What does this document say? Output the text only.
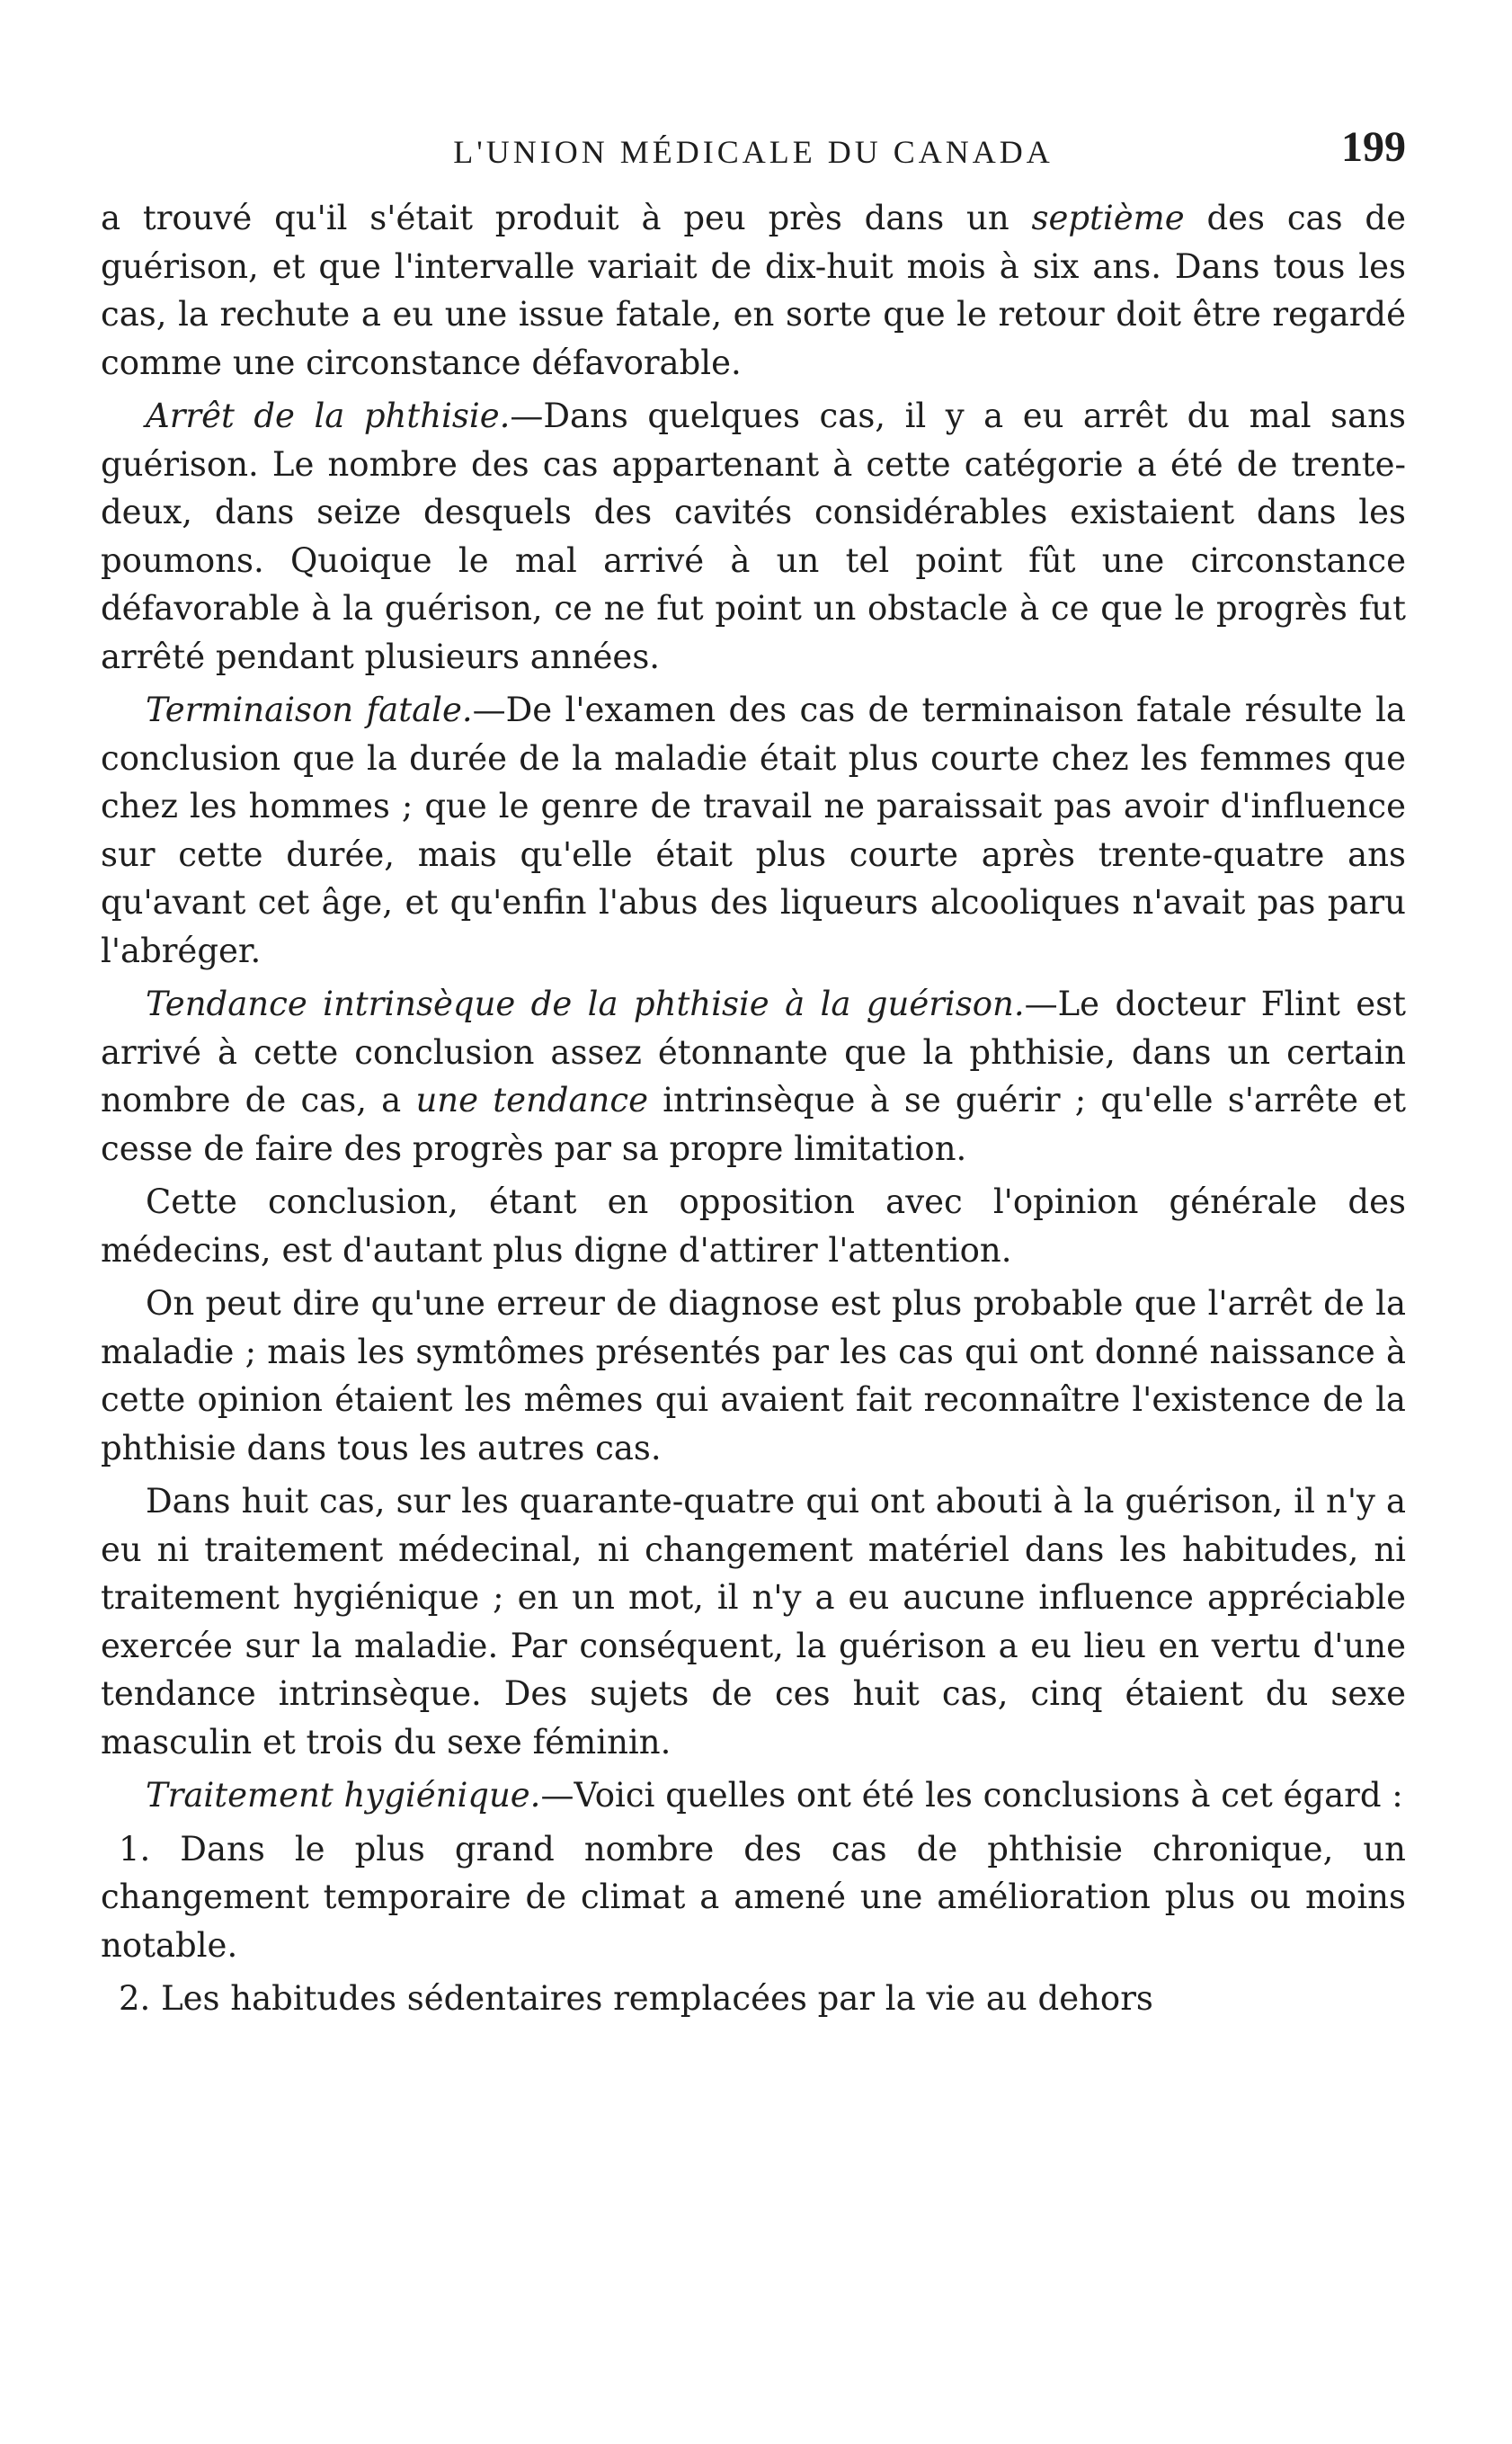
L'UNION MÉDICALE DU CANADA	199

a trouvé qu'il s'était produit à peu près dans un septième des cas de guérison, et que l'intervalle variait de dix-huit mois à six ans. Dans tous les cas, la rechute a eu une issue fatale, en sorte que le retour doit être regardé comme une circonstance défavorable.

Arrêt de la phthisie.—Dans quelques cas, il y a eu arrêt du mal sans guérison. Le nombre des cas appartenant à cette catégorie a été de trente-deux, dans seize desquels des cavités considérables existaient dans les poumons. Quoique le mal arrivé à un tel point fût une circonstance défavorable à la guérison, ce ne fut point un obstacle à ce que le progrès fut arrêté pendant plusieurs années.

Terminaison fatale.—De l'examen des cas de terminaison fatale résulte la conclusion que la durée de la maladie était plus courte chez les femmes que chez les hommes ; que le genre de travail ne paraissait pas avoir d'influence sur cette durée, mais qu'elle était plus courte après trente-quatre ans qu'avant cet âge, et qu'enfin l'abus des liqueurs alcooliques n'avait pas paru l'abréger.

Tendance intrinsèque de la phthisie à la guérison.—Le docteur Flint est arrivé à cette conclusion assez étonnante que la phthisie, dans un certain nombre de cas, a une tendance intrinsèque à se guérir ; qu'elle s'arrête et cesse de faire des progrès par sa propre limitation.

Cette conclusion, étant en opposition avec l'opinion générale des médecins, est d'autant plus digne d'attirer l'attention.

On peut dire qu'une erreur de diagnose est plus probable que l'arrêt de la maladie ; mais les symtômes présentés par les cas qui ont donné naissance à cette opinion étaient les mêmes qui avaient fait reconnaître l'existence de la phthisie dans tous les autres cas.

Dans huit cas, sur les quarante-quatre qui ont abouti à la guérison, il n'y a eu ni traitement médecinal, ni changement matériel dans les habitudes, ni traitement hygiénique ; en un mot, il n'y a eu aucune influence appréciable exercée sur la maladie. Par conséquent, la guérison a eu lieu en vertu d'une tendance intrinsèque. Des sujets de ces huit cas, cinq étaient du sexe masculin et trois du sexe féminin.

Traitement hygiénique.—Voici quelles ont été les conclusions à cet égard :

1. Dans le plus grand nombre des cas de phthisie chronique, un changement temporaire de climat a amené une amélioration plus ou moins notable.

2. Les habitudes sédentaires remplacées par la vie au dehors
